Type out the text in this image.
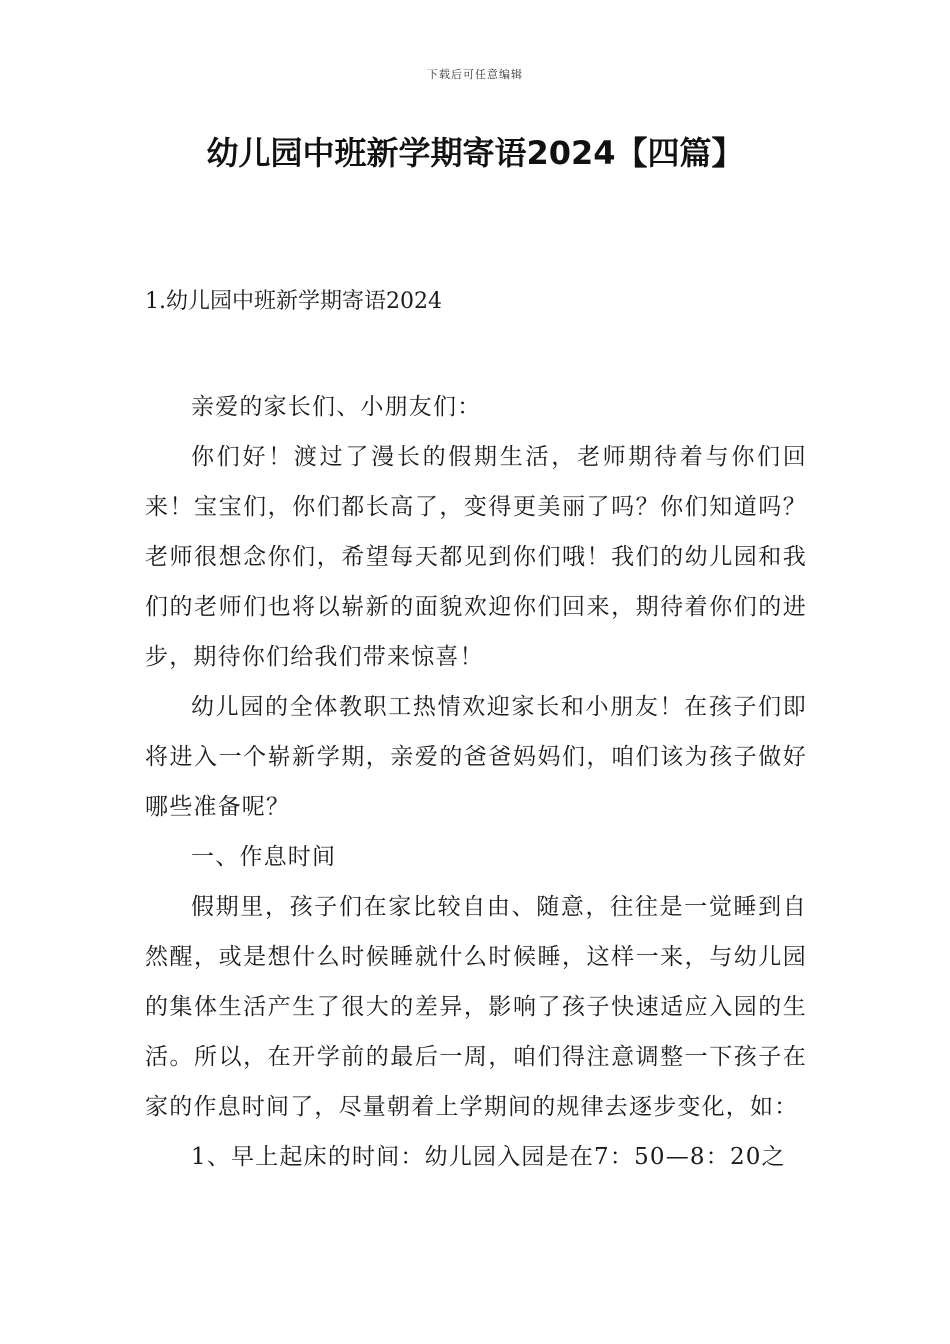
下载后可任意编辑
幼儿园中班新学期寄语2024【四篇】
1.幼儿园中班新学期寄语2024

亲爱的家长们、小朋友们：

你们好！渡过了漫长的假期生活，老师期待着与你们回来！宝宝们，你们都长高了，变得更美丽了吗？你们知道吗？老师很想念你们，希望每天都见到你们哦！我们的幼儿园和我们的老师们也将以崭新的面貌欢迎你们回来，期待着你们的进步，期待你们给我们带来惊喜！

幼儿园的全体教职工热情欢迎家长和小朋友！在孩子们即将进入一个崭新学期，亲爱的爸爸妈妈们，咱们该为孩子做好哪些准备呢？

一、作息时间

假期里，孩子们在家比较自由、随意，往往是一觉睡到自然醒，或是想什么时候睡就什么时候睡，这样一来，与幼儿园的集体生活产生了很大的差异，影响了孩子快速适应入园的生活。所以，在开学前的最后一周，咱们得注意调整一下孩子在家的作息时间了，尽量朝着上学期间的规律去逐步变化，如：

1、早上起床的时间：幼儿园入园是在7：50—8：20之
